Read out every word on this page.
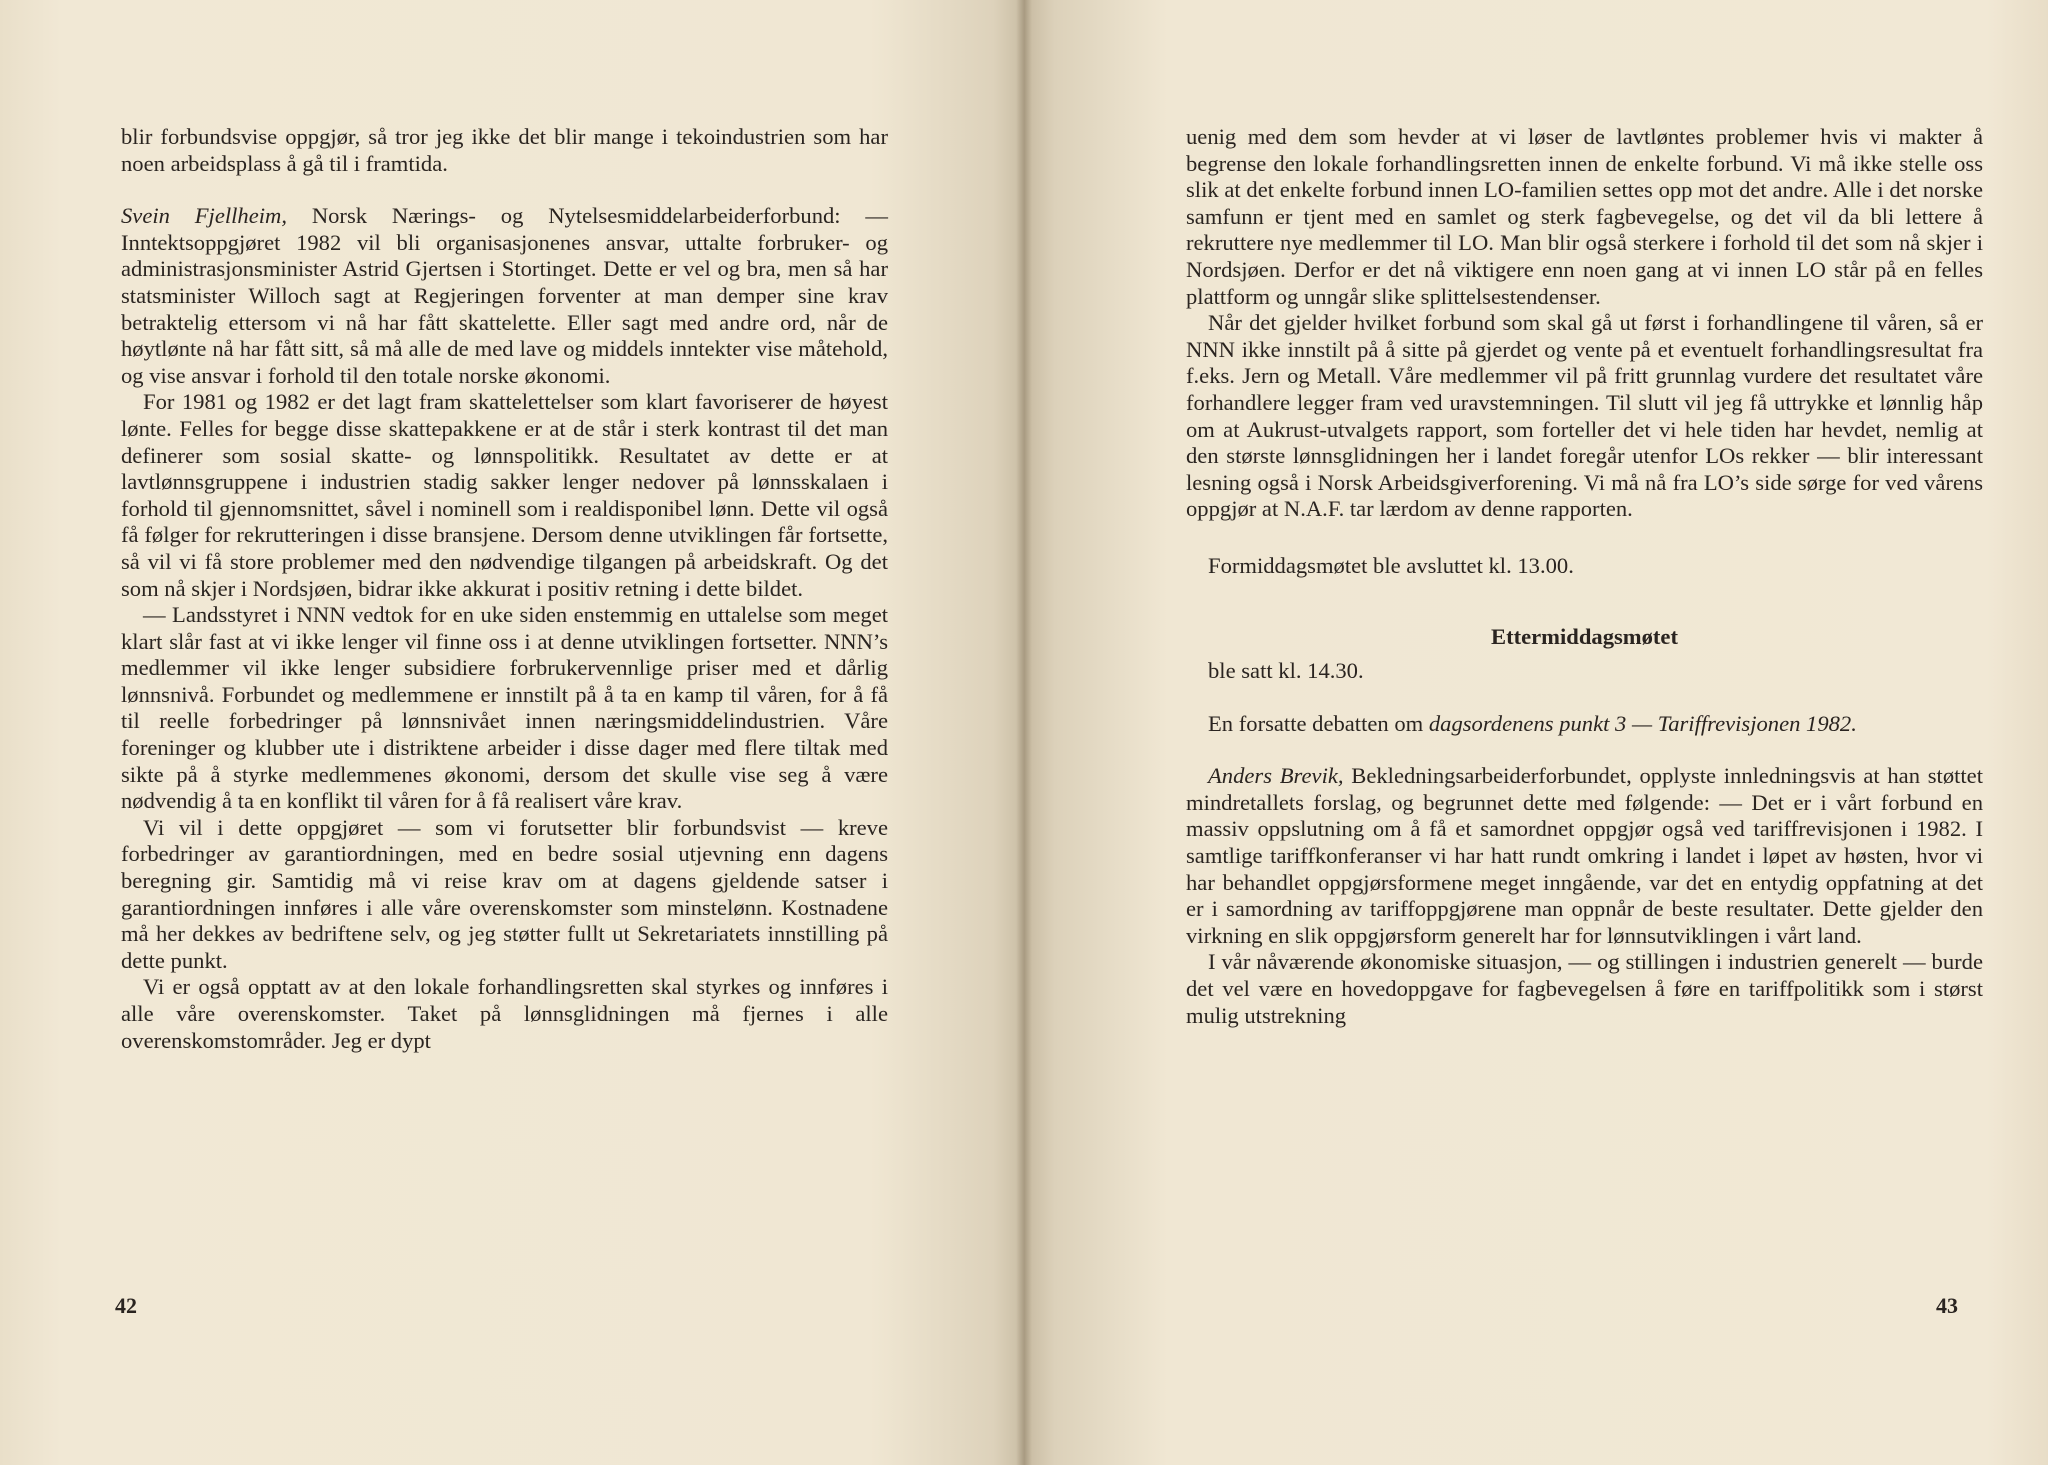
blir forbundsvise oppgjør, så tror jeg ikke det blir mange i tekoindustrien som har noen arbeidsplass å gå til i framtida.

Svein Fjellheim, Norsk Nærings- og Nytelsesmiddelarbeiderforbund: — Inntektsoppgjøret 1982 vil bli organisasjonenes ansvar, uttalte forbruker- og administrasjonsminister Astrid Gjertsen i Stortinget. Dette er vel og bra, men så har statsminister Willoch sagt at Regjeringen forventer at man demper sine krav betraktelig ettersom vi nå har fått skattelette. Eller sagt med andre ord, når de høytlønte nå har fått sitt, så må alle de med lave og middels inntekter vise måtehold, og vise ansvar i forhold til den totale norske økonomi.

For 1981 og 1982 er det lagt fram skattelettelser som klart favoriserer de høyest lønte. Felles for begge disse skattepakkene er at de står i sterk kontrast til det man definerer som sosial skatte- og lønnspolitikk. Resultatet av dette er at lavtlønnsgruppene i industrien stadig sakker lenger nedover på lønnsskalaen i forhold til gjennomsnittet, såvel i nominell som i realdisponibel lønn. Dette vil også få følger for rekrutteringen i disse bransjene. Dersom denne utviklingen får fortsette, så vil vi få store problemer med den nødvendige tilgangen på arbeidskraft. Og det som nå skjer i Nordsjøen, bidrar ikke akkurat i positiv retning i dette bildet.

— Landsstyret i NNN vedtok for en uke siden enstemmig en uttalelse som meget klart slår fast at vi ikke lenger vil finne oss i at denne utviklingen fortsetter. NNN’s medlemmer vil ikke lenger subsidiere forbrukervennlige priser med et dårlig lønnsnivå. Forbundet og medlemmene er innstilt på å ta en kamp til våren, for å få til reelle forbedringer på lønnsnivået innen næringsmiddelindustrien. Våre foreninger og klubber ute i distriktene arbeider i disse dager med flere tiltak med sikte på å styrke medlemmenes økonomi, dersom det skulle vise seg å være nødvendig å ta en konflikt til våren for å få realisert våre krav.

Vi vil i dette oppgjøret — som vi forutsetter blir forbundsvist — kreve forbedringer av garantiordningen, med en bedre sosial utjevning enn dagens beregning gir. Samtidig må vi reise krav om at dagens gjeldende satser i garantiordningen innføres i alle våre overenskomster som minstelønn. Kostnadene må her dekkes av bedriftene selv, og jeg støtter fullt ut Sekretariatets innstilling på dette punkt.

Vi er også opptatt av at den lokale forhandlingsretten skal styrkes og innføres i alle våre overenskomster. Taket på lønnsglidningen må fjernes i alle overenskomstområder. Jeg er dypt

42

uenig med dem som hevder at vi løser de lavtløntes problemer hvis vi makter å begrense den lokale forhandlingsretten innen de enkelte forbund. Vi må ikke stelle oss slik at det enkelte forbund innen LO-familien settes opp mot det andre. Alle i det norske samfunn er tjent med en samlet og sterk fagbevegelse, og det vil da bli lettere å rekruttere nye medlemmer til LO. Man blir også sterkere i forhold til det som nå skjer i Nordsjøen. Derfor er det nå viktigere enn noen gang at vi innen LO står på en felles plattform og unngår slike splittelsestendenser.

Når det gjelder hvilket forbund som skal gå ut først i forhandlingene til våren, så er NNN ikke innstilt på å sitte på gjerdet og vente på et eventuelt forhandlingsresultat fra f.eks. Jern og Metall. Våre medlemmer vil på fritt grunnlag vurdere det resultatet våre forhandlere legger fram ved uravstemningen. Til slutt vil jeg få uttrykke et lønnlig håp om at Aukrust-utvalgets rapport, som forteller det vi hele tiden har hevdet, nemlig at den største lønnsglidningen her i landet foregår utenfor LOs rekker — blir interessant lesning også i Norsk Arbeidsgiverforening. Vi må nå fra LO’s side sørge for ved vårens oppgjør at N.A.F. tar lærdom av denne rapporten.

Formiddagsmøtet ble avsluttet kl. 13.00.

Ettermiddagsmøtet

ble satt kl. 14.30.

En forsatte debatten om dagsordenens punkt 3 — Tariffrevisjonen 1982.

Anders Brevik, Bekledningsarbeiderforbundet, opplyste innledningsvis at han støttet mindretallets forslag, og begrunnet dette med følgende: — Det er i vårt forbund en massiv oppslutning om å få et samordnet oppgjør også ved tariffrevisjonen i 1982. I samtlige tariffkonferanser vi har hatt rundt omkring i landet i løpet av høsten, hvor vi har behandlet oppgjørsformene meget inngående, var det en entydig oppfatning at det er i samordning av tariffoppgjørene man oppnår de beste resultater. Dette gjelder den virkning en slik oppgjørsform generelt har for lønnsutviklingen i vårt land.

I vår nåværende økonomiske situasjon, — og stillingen i industrien generelt — burde det vel være en hovedoppgave for fagbevegelsen å føre en tariffpolitikk som i størst mulig utstrekning

43
